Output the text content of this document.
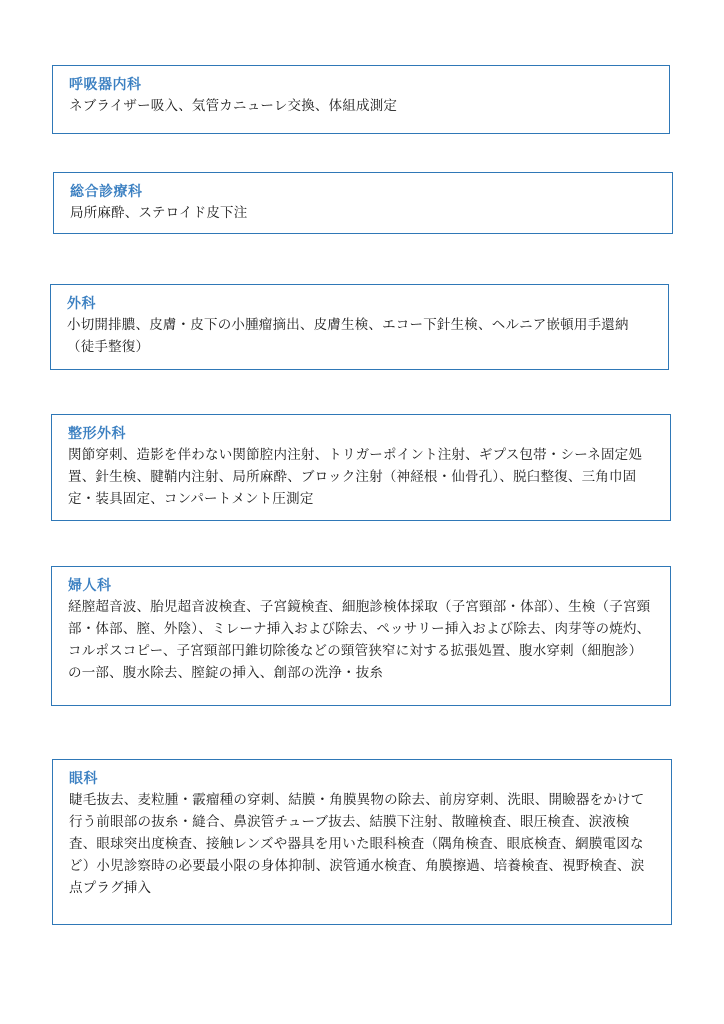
呼吸器内科
ネブライザー吸入、気管カニューレ交換、体組成測定
総合診療科
局所麻酔、ステロイド皮下注
外科
小切開排膿、皮膚・皮下の小腫瘤摘出、皮膚生検、エコー下針生検、ヘルニア嵌頓用手還納（徒手整復）
整形外科
関節穿刺、造影を伴わない関節腔内注射、トリガーポイント注射、ギプス包帯・シーネ固定処置、針生検、腱鞘内注射、局所麻酔、ブロック注射（神経根・仙骨孔）、脱臼整復、三角巾固定・装具固定、コンパートメント圧測定
婦人科
経膣超音波、胎児超音波検査、子宮鏡検査、細胞診検体採取（子宮頸部・体部）、生検（子宮頸部・体部、膣、外陰）、ミレーナ挿入および除去、ペッサリー挿入および除去、肉芽等の焼灼、コルポスコピー、子宮頸部円錐切除後などの頸管狭窄に対する拡張処置、腹水穿刺（細胞診）の一部、腹水除去、膣錠の挿入、創部の洗浄・抜糸
眼科
睫毛抜去、麦粒腫・霰瘤種の穿刺、結膜・角膜異物の除去、前房穿刺、洗眼、開瞼器をかけて行う前眼部の抜糸・縫合、鼻涙管チューブ抜去、結膜下注射、散瞳検査、眼圧検査、涙液検査、眼球突出度検査、接触レンズや器具を用いた眼科検査（隅角検査、眼底検査、網膜電図など）小児診察時の必要最小限の身体抑制、涙管通水検査、角膜擦過、培養検査、視野検査、涙点プラグ挿入
